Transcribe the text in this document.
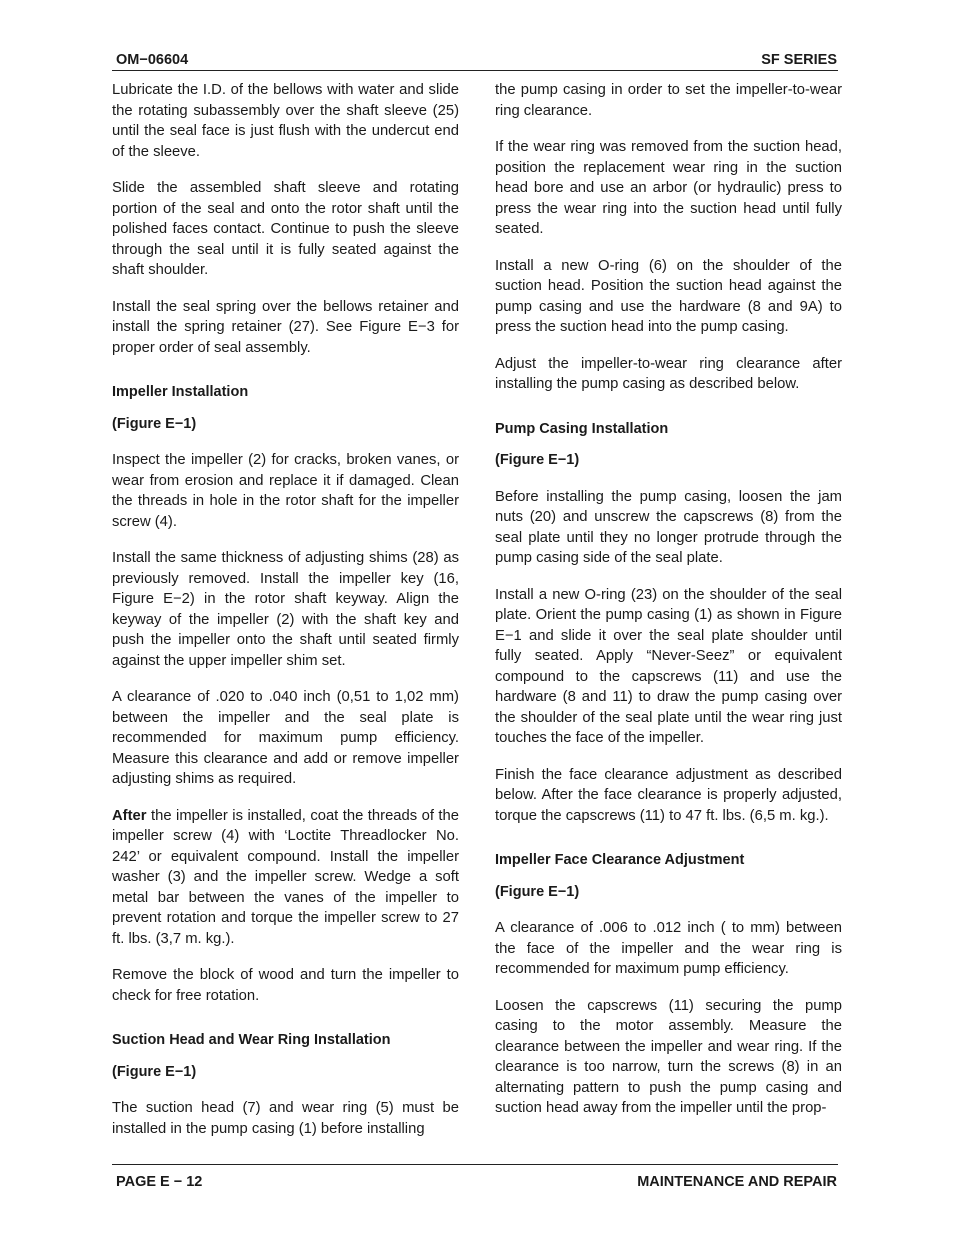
OM−06604	SF SERIES

Lubricate the I.D. of the bellows with water and slide the rotating subassembly over the shaft sleeve (25) until the seal face is just flush with the undercut end of the sleeve.

Slide the assembled shaft sleeve and rotating portion of the seal and onto the rotor shaft until the polished faces contact. Continue to push the sleeve through the seal until it is fully seated against the shaft shoulder.

Install the seal spring over the bellows retainer and install the spring retainer (27). See Figure E−3 for proper order of seal assembly.

Impeller Installation
(Figure E−1)

Inspect the impeller (2) for cracks, broken vanes, or wear from erosion and replace it if damaged. Clean the threads in hole in the rotor shaft for the impeller screw (4).

Install the same thickness of adjusting shims (28) as previously removed. Install the impeller key (16, Figure E−2) in the rotor shaft keyway. Align the keyway of the impeller (2) with the shaft key and push the impeller onto the shaft until seated firmly against the upper impeller shim set.

A clearance of .020 to .040 inch (0,51 to 1,02 mm) between the impeller and the seal plate is recommended for maximum pump efficiency. Measure this clearance and add or remove impeller adjusting shims as required.

After the impeller is installed, coat the threads of the impeller screw (4) with ‘Loctite Threadlocker No. 242’ or equivalent compound. Install the impeller washer (3) and the impeller screw. Wedge a soft metal bar between the vanes of the impeller to prevent rotation and torque the impeller screw to 27 ft. lbs. (3,7 m. kg.).

Remove the block of wood and turn the impeller to check for free rotation.

Suction Head and Wear Ring Installation
(Figure E−1)

The suction head (7) and wear ring (5) must be installed in the pump casing (1) before installing

the pump casing in order to set the impeller-to-wear ring clearance.

If the wear ring was removed from the suction head, position the replacement wear ring in the suction head bore and use an arbor (or hydraulic) press to press the wear ring into the suction head until fully seated.

Install a new O-ring (6) on the shoulder of the suction head. Position the suction head against the pump casing and use the hardware (8 and 9A) to press the suction head into the pump casing.

Adjust the impeller-to-wear ring clearance after installing the pump casing as described below.

Pump Casing Installation
(Figure E−1)

Before installing the pump casing, loosen the jam nuts (20) and unscrew the capscrews (8) from the seal plate until they no longer protrude through the pump casing side of the seal plate.

Install a new O-ring (23) on the shoulder of the seal plate. Orient the pump casing (1) as shown in Figure E−1 and slide it over the seal plate shoulder until fully seated. Apply “Never-Seez” or equivalent compound to the capscrews (11) and use the hardware (8 and 11) to draw the pump casing over the shoulder of the seal plate until the wear ring just touches the face of the impeller.

Finish the face clearance adjustment as described below. After the face clearance is properly adjusted, torque the capscrews (11) to 47 ft. lbs. (6,5 m. kg.).

Impeller Face Clearance Adjustment
(Figure E−1)

A clearance of .006 to .012 inch ( to mm) between the face of the impeller and the wear ring is recommended for maximum pump efficiency.

Loosen the capscrews (11) securing the pump casing to the motor assembly. Measure the clearance between the impeller and wear ring. If the clearance is too narrow, turn the screws (8) in an alternating pattern to push the pump casing and suction head away from the impeller until the prop-

PAGE E − 12	MAINTENANCE AND REPAIR
